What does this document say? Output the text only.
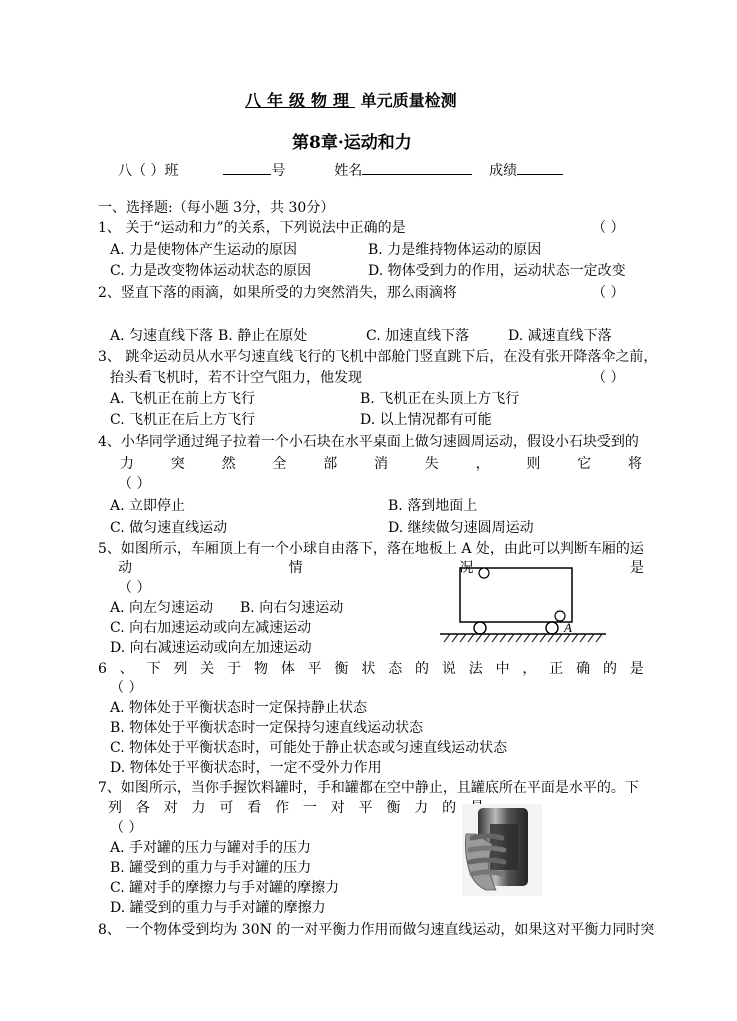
八年级物理 单元质量检测
第8章·运动和力
八（ ）班	号	姓名	成绩
一、选择题:（每小题 3分，共 30分）
1、 关于“运动和力”的关系，下列说法中正确的是	（ ）
A. 力是使物体产生运动的原因	B. 力是维持物体运动的原因
C. 力是改变物体运动状态的原因	D. 物体受到力的作用，运动状态一定改变
2、竖直下落的雨滴，如果所受的力突然消失，那么雨滴将	（ ）
A. 匀速直线下落 B. 静止在原处	C. 加速直线下落	D. 减速直线下落
3、 跳伞运动员从水平匀速直线飞行的飞机中部舱门竖直跳下后，在没有张开降落伞之前，
抬头看飞机时，若不计空气阻力，他发现	（ ）
A. 飞机正在前上方飞行	B. 飞机正在头顶上方飞行
C. 飞机正在后上方飞行	D. 以上情况都有可能
4、小华同学通过绳子拉着一个小石块在水平桌面上做匀速圆周运动，假设小石块受到的
力	突	然	全	部	消	失	，	则	它	将
（ ）
A. 立即停止	B. 落到地面上
C. 做匀速直线运动	D. 继续做匀速圆周运动
5、如图所示，车厢顶上有一个小球自由落下，落在地板上 A 处，由此可以判断车厢的运
动	情	况	是
（ ）
A. 向左匀速运动 B. 向右匀速运动
C. 向右加速运动或向左减速运动
D. 向右减速运动或向左加速运动
A
6 、 下 列 关 于 物 体 平 衡 状 态 的 说 法 中 ， 正 确 的 是
（ ）
A. 物体处于平衡状态时一定保持静止状态
B. 物体处于平衡状态时一定保持匀速直线运动状态
C. 物体处于平衡状态时，可能处于静止状态或匀速直线运动状态
D. 物体处于平衡状态时，一定不受外力作用
7、如图所示，当你手握饮料罐时，手和罐都在空中静止，且罐底所在平面是水平的。下
列 各 对 力 可 看 作 一 对 平 衡 力 的
（ ）
A. 手对罐的压力与罐对手的压力
B. 罐受到的重力与手对罐的压力
C. 罐对手的摩擦力与手对罐的摩擦力
D. 罐受到的重力与手对罐的摩擦力
8、 一个物体受到均为 30N 的一对平衡力作用而做匀速直线运动，如果这对平衡力同时突
